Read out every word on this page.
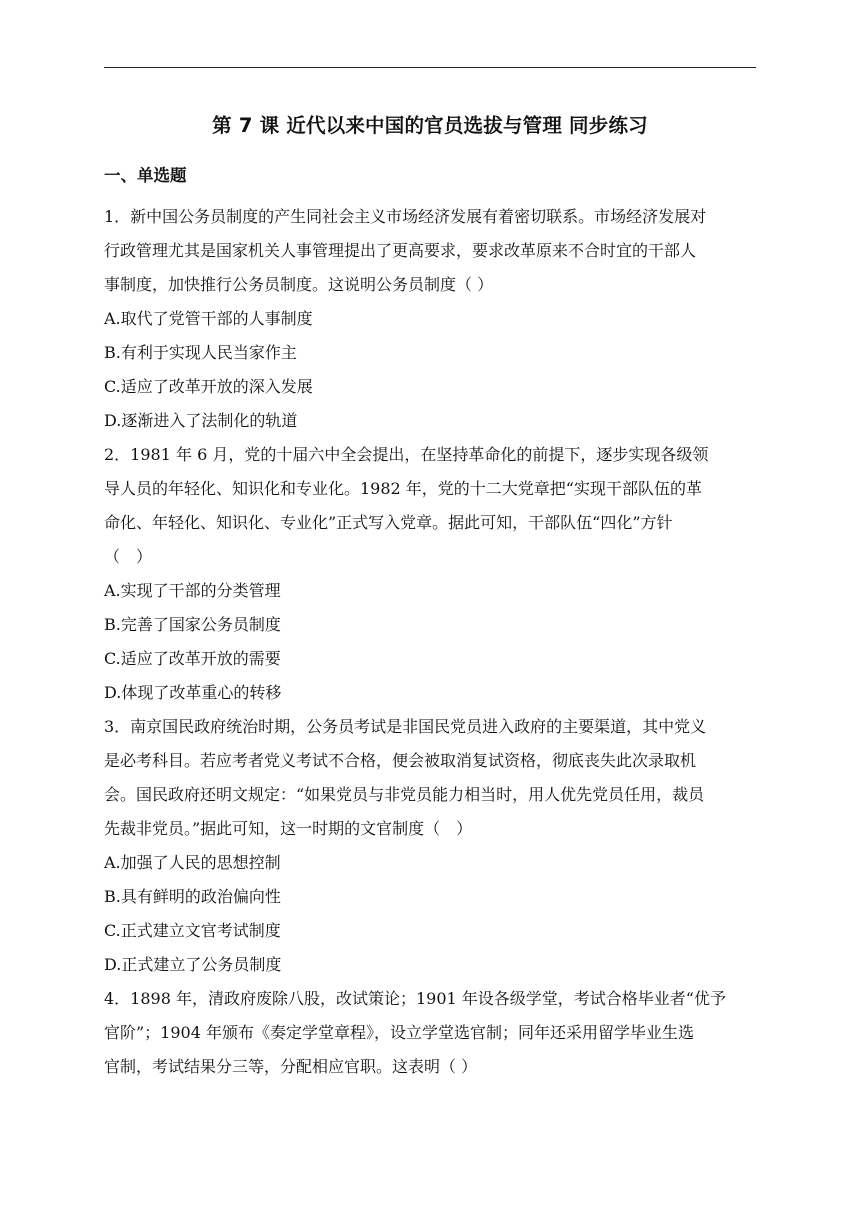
第 7 课 近代以来中国的官员选拔与管理 同步练习
一、单选题

1．新中国公务员制度的产生同社会主义市场经济发展有着密切联系。市场经济发展对
行政管理尤其是国家机关人事管理提出了更高要求，要求改革原来不合时宜的干部人
事制度，加快推行公务员制度。这说明公务员制度（ ）

A.取代了党管干部的人事制度

B.有利于实现人民当家作主

C.适应了改革开放的深入发展

D.逐渐进入了法制化的轨道

2．1981 年 6 月，党的十届六中全会提出，在坚持革命化的前提下，逐步实现各级领
导人员的年轻化、知识化和专业化。1982 年，党的十二大党章把“实现干部队伍的革
命化、年轻化、知识化、专业化”正式写入党章。据此可知，干部队伍“四化”方针
（　）

A.实现了干部的分类管理

B.完善了国家公务员制度

C.适应了改革开放的需要

D.体现了改革重心的转移

3．南京国民政府统治时期，公务员考试是非国民党员进入政府的主要渠道，其中党义
是必考科目。若应考者党义考试不合格，便会被取消复试资格，彻底丧失此次录取机
会。国民政府还明文规定：“如果党员与非党员能力相当时，用人优先党员任用，裁员
先裁非党员。”据此可知，这一时期的文官制度（　）

A.加强了人民的思想控制

B.具有鲜明的政治偏向性

C.正式建立文官考试制度

D.正式建立了公务员制度

4．1898 年，清政府废除八股，改试策论；1901 年设各级学堂，考试合格毕业者“优予
官阶”；1904 年颁布《奏定学堂章程》，设立学堂选官制；同年还采用留学毕业生选
官制，考试结果分三等，分配相应官职。这表明（ ）
